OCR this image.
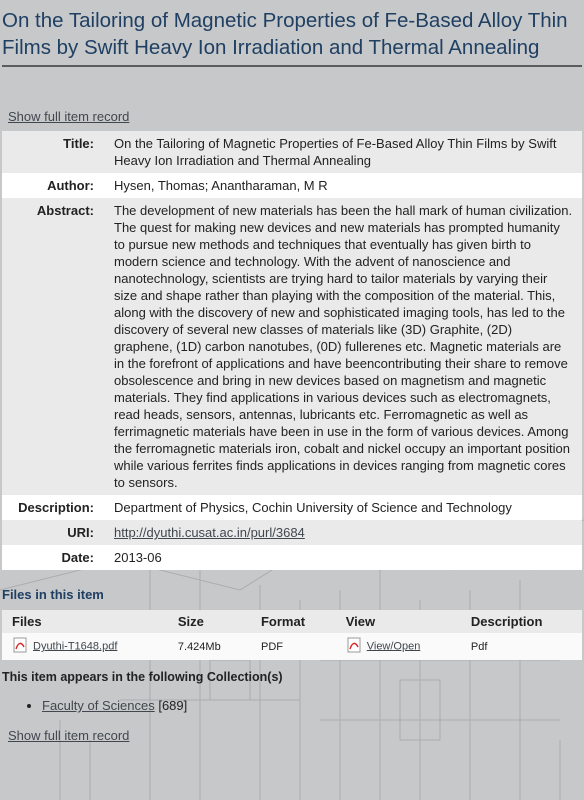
On the Tailoring of Magnetic Properties of Fe-Based Alloy Thin Films by Swift Heavy Ion Irradiation and Thermal Annealing
Show full item record
Title:	On the Tailoring of Magnetic Properties of Fe-Based Alloy Thin Films by Swift Heavy Ion Irradiation and Thermal Annealing
Author:	Hysen, Thomas; Anantharaman, M R
Abstract:	The development of new materials has been the hall mark of human civilization. The quest for making new devices and new materials has prompted humanity to pursue new methods and techniques that eventually has given birth to modern science and technology. With the advent of nanoscience and nanotechnology, scientists are trying hard to tailor materials by varying their size and shape rather than playing with the composition of the material. This, along with the discovery of new and sophisticated imaging tools, has led to the discovery of several new classes of materials like (3D) Graphite, (2D) graphene, (1D) carbon nanotubes, (0D) fullerenes etc. Magnetic materials are in the forefront of applications and have beencontributing their share to remove obsolescence and bring in new devices based on magnetism and magnetic materials. They find applications in various devices such as electromagnets, read heads, sensors, antennas, lubricants etc. Ferromagnetic as well as ferrimagnetic materials have been in use in the form of various devices. Among the ferromagnetic materials iron, cobalt and nickel occupy an important position while various ferrites finds applications in devices ranging from magnetic cores to sensors.
Description:	Department of Physics, Cochin University of Science and Technology
URI:	http://dyuthi.cusat.ac.in/purl/3684
Date:	2013-06
Files in this item
Files	Size	Format	View	Description
Dyuthi-T1648.pdf	7.424Mb	PDF	View/Open	Pdf
This item appears in the following Collection(s)
• Faculty of Sciences [689]
Show full item record
